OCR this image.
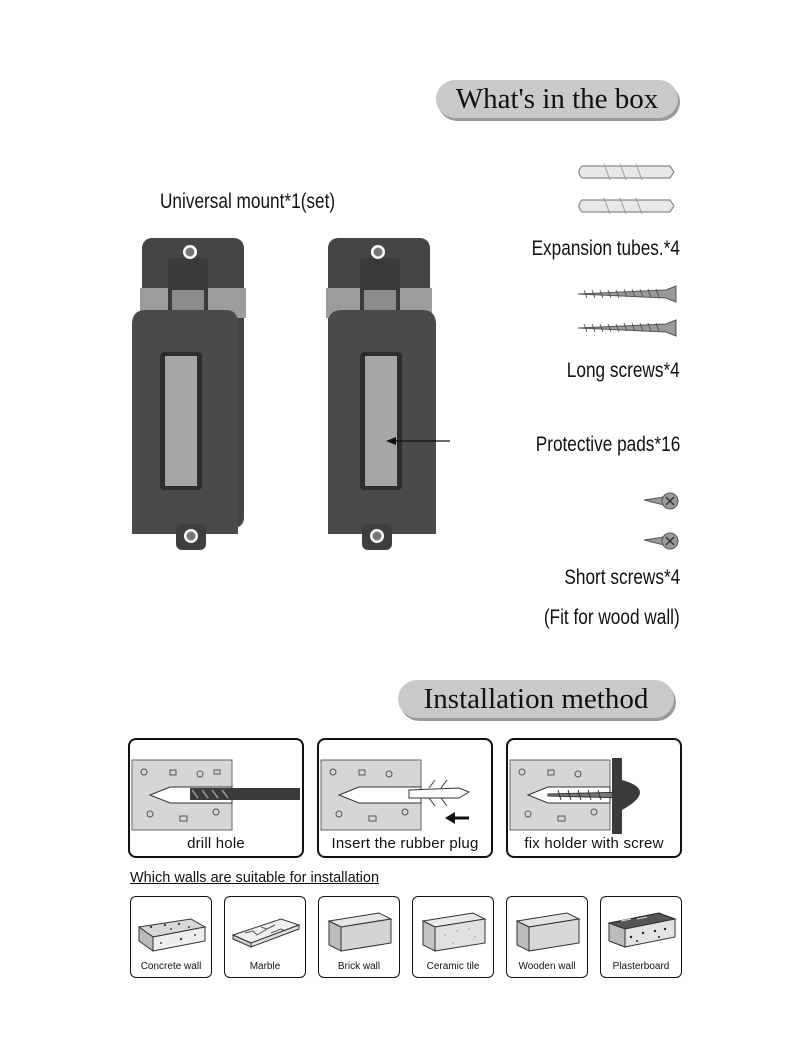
What's in the box
Universal mount*1(set)
Expansion tubes.*4
Long screws*4
Protective pads*16
Short screws*4
(Fit for wood wall)
Installation method
drill hole	Insert the rubber plug	fix holder with screw
Which walls are suitable for installation
Concrete wall	Marble	Brick wall	Ceramic tile	Wooden wall	Plasterboard
